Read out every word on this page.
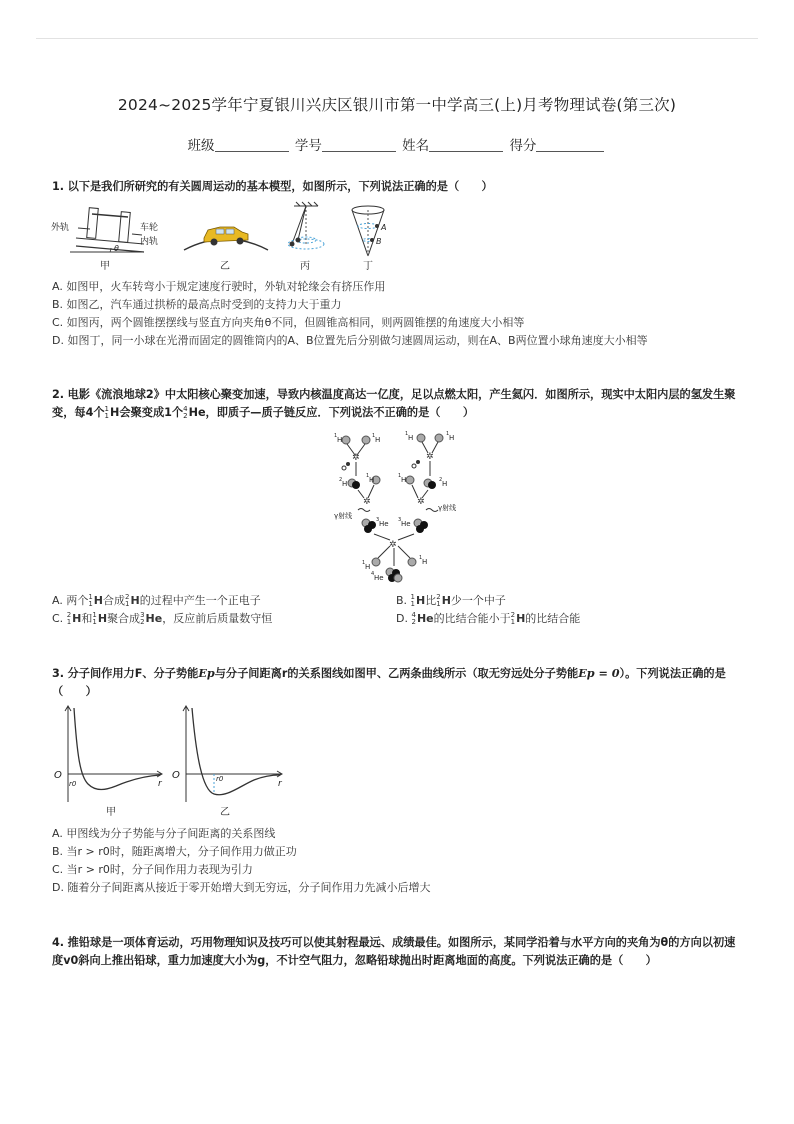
2024~2025学年宁夏银川兴庆区银川市第一中学高三(上)月考物理试卷(第三次)
班级	学号	姓名	得分
1. 以下是我们所研究的有关圆周运动的基本模型，如图所示，下列说法正确的是（　　）
外轨	车轮
内轨
θ
甲	乙	丙
A
B
丁
A. 如图甲，火车转弯小于规定速度行驶时，外轨对轮缘会有挤压作用
B. 如图乙，汽车通过拱桥的最高点时受到的支持力大于重力
C. 如图丙，两个圆锥摆摆线与竖直方向夹角θ不同，但圆锥高相同，则两圆锥摆的角速度大小相等
D. 如图丁，同一小球在光滑而固定的圆锥筒内的A、B位置先后分别做匀速圆周运动，则在A、B两位置小球角速度大小相等
2. 电影《流浪地球2》中太阳核心聚变加速，导致内核温度高达一亿度，足以点燃太阳，产生氦闪．如图所示，现实中太阳内层的氢发生聚变，每4个 1
1 H会聚变成1个 4
2 He，即质子—质子链反应．下列说法不正确的是（　　）
1 H	1 H
✲
2 H
1 H
✲
γ射线	3 He
1 H	1 H
✲
2 H
1 H
✲
γ射线
3 He
✲
1 H
1 H
4 He
A. 两个 1
1 H合成 2
1 H的过程中产生一个正电子	B. 1
1 H比 2
1 H少一个中子
C. 2
1 H和 1
1 H聚合成 3
2 He，反应前后质量数守恒	D. 4
2 He的比结合能小于 2
1 H的比结合能
3. 分子间作用力F、分子势能Ep与分子间距离r的关系图线如图甲、乙两条曲线所示（取无穷远处分子势能Ep = 0）。下列说法正确的是（　　）
O
r0	r
甲
O	r0	r
乙
A. 甲图线为分子势能与分子间距离的关系图线
B. 当r > r0时，随距离增大，分子间作用力做正功
C. 当r > r0时，分子间作用力表现为引力
D. 随着分子间距离从接近于零开始增大到无穷远，分子间作用力先减小后增大
4. 推铅球是一项体育运动，巧用物理知识及技巧可以使其射程最远、成绩最佳。如图所示，某同学沿着与水平方向的夹角为θ的方向以初速度v0斜向上推出铅球，重力加速度大小为g，不计空气阻力，忽略铅球抛出时距离地面的高度。下列说法正确的是（　　）
